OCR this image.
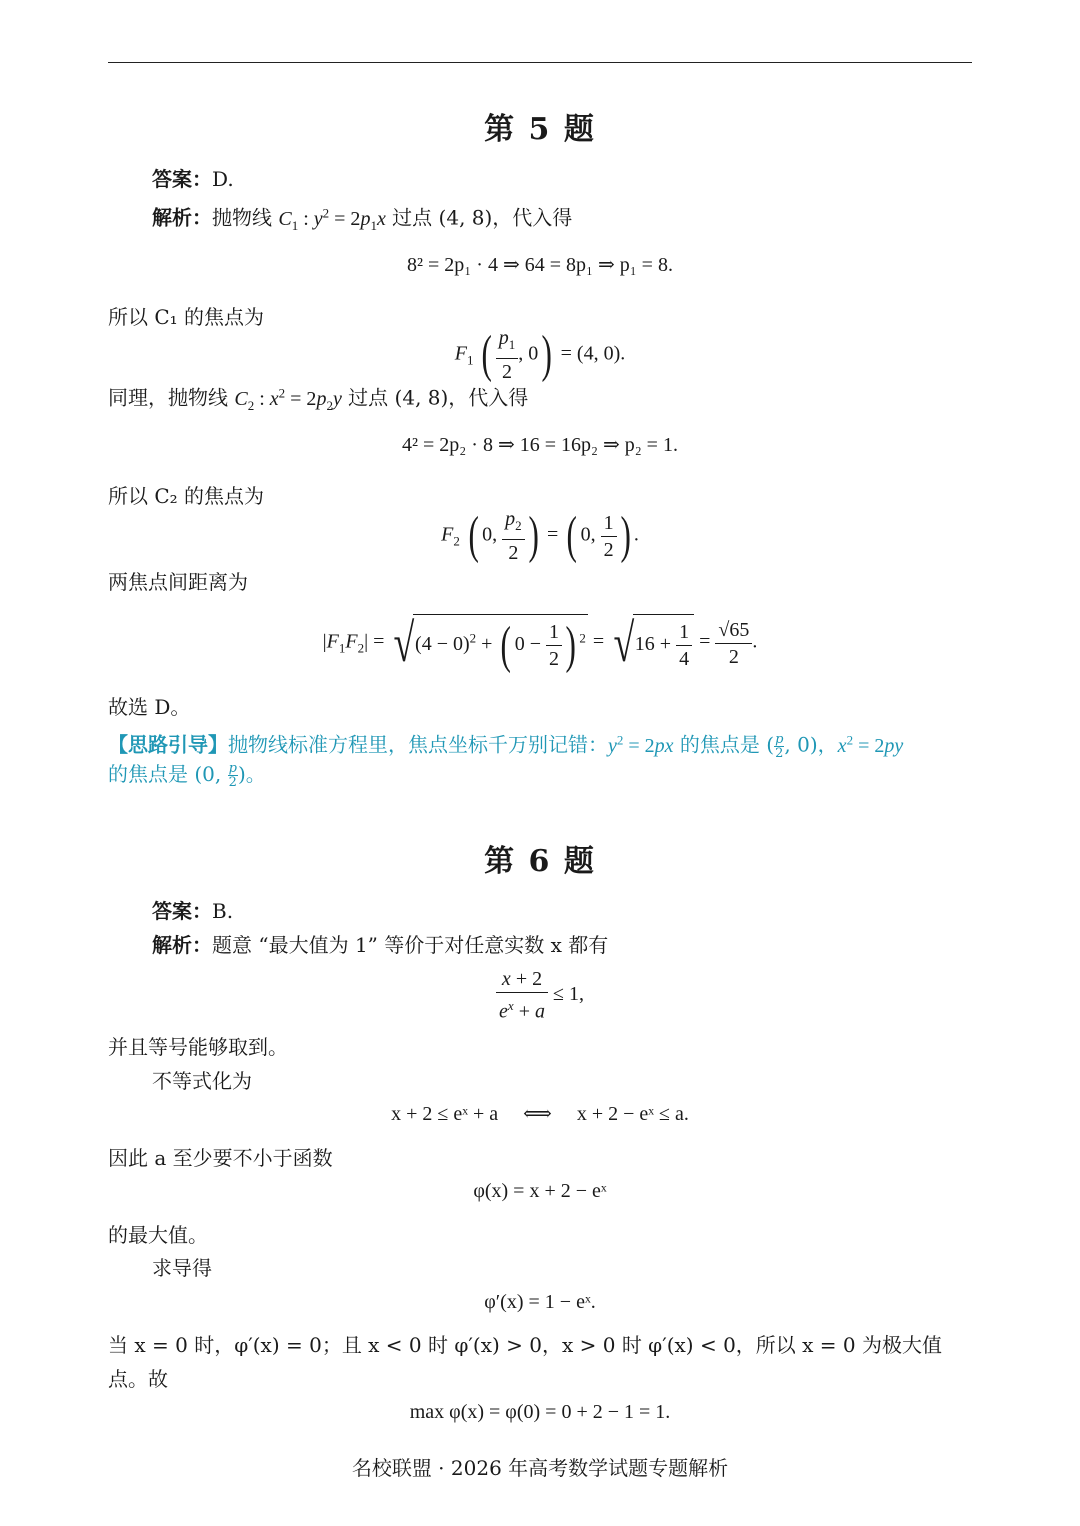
第 5 题
答案：D.
解析：抛物线 $C_1$ : $y^2 = 2p_1x$ 过点 (4, 8)，代入得
8² = 2p₁ · 4 ⇒ 64 = 8p₁ ⇒ p₁ = 8.
所以 C₁ 的焦点为
$F_1$ ( $\frac{p_1}{2}$ , 0) = (4, 0).
同理，抛物线 $C_2$ : $x^2 = 2p_2y$ 过点 (4, 8)，代入得
4² = 2p₂ · 8 ⇒ 16 = 16p₂ ⇒ p₂ = 1.
所以 C₂ 的焦点为
$F_2$ ( 0, $\frac{p_2}{2}$ ) = ( 0, $\frac{1}{2}$ ) .
两焦点间距离为
$|F_1F_2| = √(4 - 0)^2$ + ( $0 - \frac{1}{2}$ ) $^2 = √16 + \frac{1}{4} = \frac{√65}{2}$ .
故选 D。
【思路引导】抛物线标准方程里，焦点坐标千万别记错：$y^2 = 2px$ 的焦点是 ( $\frac{p}{2}$ , 0)，$x^2 = 2py$
的焦点是 (0, $\frac{p}{2}$ )。
第 6 题
答案：B.
解析：题意 “最大值为 1” 等价于对任意实数 x 都有
$\frac{x + 2}{e^x + a} \le 1$,
并且等号能够取到。
不等式化为
x + 2 ≤ eˣ + a     ⟺     x + 2 − eˣ ≤ a.
因此 a 至少要不小于函数
φ(x) = x + 2 − eˣ
的最大值。
求导得
φ′(x) = 1 − eˣ.
当 x = 0 时，φ′(x) = 0；且 x < 0 时 φ′(x) > 0，x > 0 时 φ′(x) < 0，所以 x = 0 为极大值
点。故
max φ(x) = φ(0) = 0 + 2 − 1 = 1.
名校联盟 · 2026 年高考数学试题专题解析
